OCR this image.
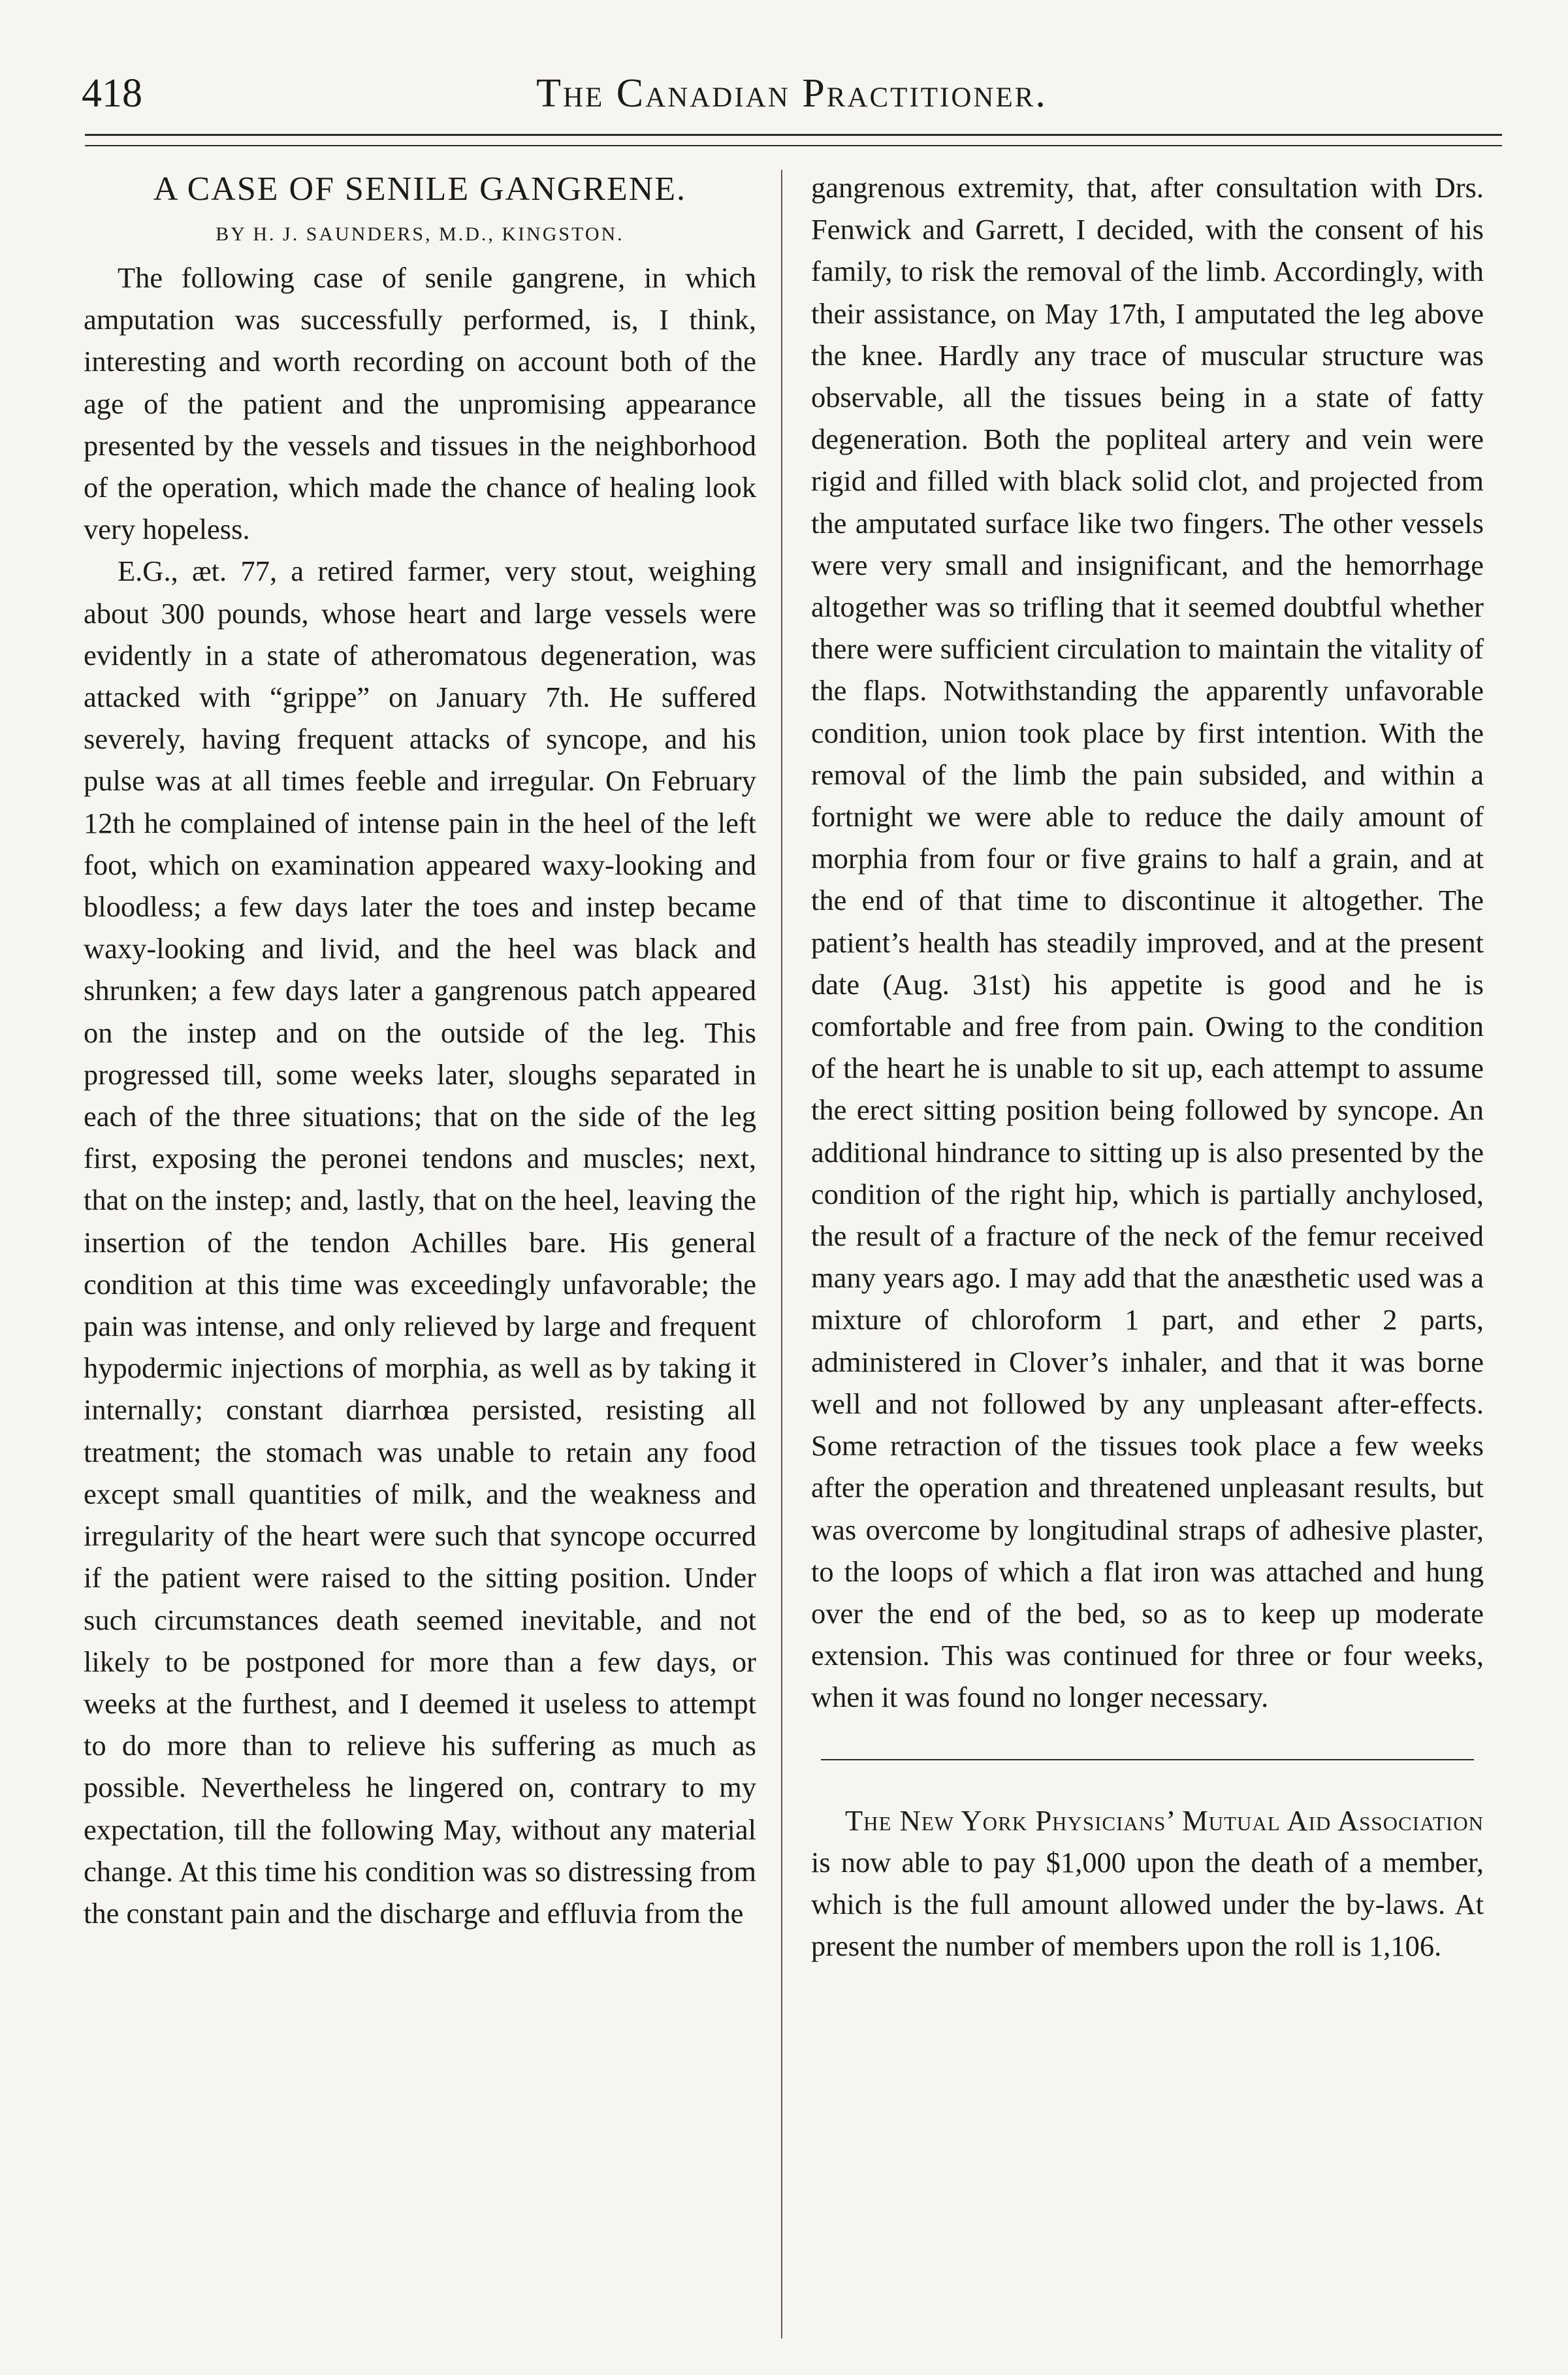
418	The Canadian Practitioner.
A CASE OF SENILE GANGRENE.
BY H. J. SAUNDERS, M.D., KINGSTON.

The following case of senile gangrene, in which amputation was successfully performed, is, I think, interesting and worth recording on account both of the age of the patient and the unpromising appearance presented by the vessels and tissues in the neighborhood of the operation, which made the chance of healing look very hopeless.

E.G., æt. 77, a retired farmer, very stout, weighing about 300 pounds, whose heart and large vessels were evidently in a state of atheromatous degeneration, was attacked with “grippe” on January 7th. He suffered severely, having frequent attacks of syncope, and his pulse was at all times feeble and irregular. On February 12th he complained of intense pain in the heel of the left foot, which on examination appeared waxy-looking and bloodless; a few days later the toes and instep became waxy-looking and livid, and the heel was black and shrunken; a few days later a gangrenous patch appeared on the instep and on the outside of the leg. This progressed till, some weeks later, sloughs separated in each of the three situations; that on the side of the leg first, exposing the peronei tendons and muscles; next, that on the instep; and, lastly, that on the heel, leaving the insertion of the tendon Achilles bare. His general condition at this time was exceedingly unfavorable; the pain was intense, and only relieved by large and frequent hypodermic injections of morphia, as well as by taking it internally; constant diarrhœa persisted, resisting all treatment; the stomach was unable to retain any food except small quantities of milk, and the weakness and irregularity of the heart were such that syncope occurred if the patient were raised to the sitting position. Under such circumstances death seemed inevitable, and not likely to be postponed for more than a few days, or weeks at the furthest, and I deemed it useless to attempt to do more than to relieve his suffering as much as possible. Nevertheless he lingered on, contrary to my expectation, till the following May, without any material change. At this time his condition was so distressing from the constant pain and the discharge and effluvia from the

gangrenous extremity, that, after consultation with Drs. Fenwick and Garrett, I decided, with the consent of his family, to risk the removal of the limb. Accordingly, with their assistance, on May 17th, I amputated the leg above the knee. Hardly any trace of muscular structure was observable, all the tissues being in a state of fatty degeneration. Both the popliteal artery and vein were rigid and filled with black solid clot, and projected from the amputated surface like two fingers. The other vessels were very small and insignificant, and the hemorrhage altogether was so trifling that it seemed doubtful whether there were sufficient circulation to maintain the vitality of the flaps. Notwithstanding the apparently unfavorable condition, union took place by first intention. With the removal of the limb the pain subsided, and within a fortnight we were able to reduce the daily amount of morphia from four or five grains to half a grain, and at the end of that time to discontinue it altogether. The patient’s health has steadily improved, and at the present date (Aug. 31st) his appetite is good and he is comfortable and free from pain. Owing to the condition of the heart he is unable to sit up, each attempt to assume the erect sitting position being followed by syncope. An additional hindrance to sitting up is also presented by the condition of the right hip, which is partially anchylosed, the result of a fracture of the neck of the femur received many years ago. I may add that the anæsthetic used was a mixture of chloroform 1 part, and ether 2 parts, administered in Clover’s inhaler, and that it was borne well and not followed by any unpleasant after-effects. Some retraction of the tissues took place a few weeks after the operation and threatened unpleasant results, but was overcome by longitudinal straps of adhesive plaster, to the loops of which a flat iron was attached and hung over the end of the bed, so as to keep up moderate extension. This was continued for three or four weeks, when it was found no longer necessary.

The New York Physicians’ Mutual Aid Association is now able to pay $1,000 upon the death of a member, which is the full amount allowed under the by-laws. At present the number of members upon the roll is 1,106.
